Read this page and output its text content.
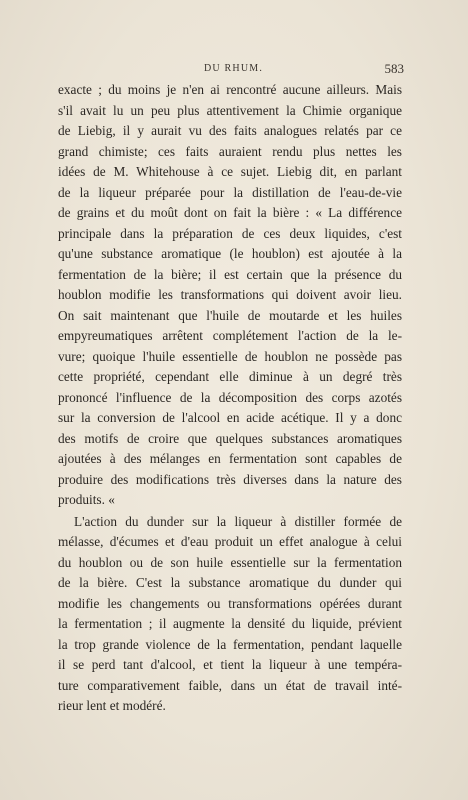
DU RHUM.	583
exacte ; du moins je n'en ai rencontré aucune ailleurs. Mais
s'il avait lu un peu plus attentivement la Chimie organique
de Liebig, il y aurait vu des faits analogues relatés par ce
grand chimiste; ces faits auraient rendu plus nettes les
idées de M. Whitehouse à ce sujet. Liebig dit, en parlant
de la liqueur préparée pour la distillation de l'eau-de-vie
de grains et du moût dont on fait la bière : « La différence
principale dans la préparation de ces deux liquides, c'est
qu'une substance aromatique (le houblon) est ajoutée à la
fermentation de la bière; il est certain que la présence du
houblon modifie les transformations qui doivent avoir lieu.
On sait maintenant que l'huile de moutarde et les huiles
empyreumatiques arrêtent complétement l'action de la le-
vure; quoique l'huile essentielle de houblon ne possède pas
cette propriété, cependant elle diminue à un degré très
prononcé l'influence de la décomposition des corps azotés
sur la conversion de l'alcool en acide acétique. Il y a donc
des motifs de croire que quelques substances aromatiques
ajoutées à des mélanges en fermentation sont capables de
produire des modifications très diverses dans la nature des
produits. «
L'action du dunder sur la liqueur à distiller formée de
mélasse, d'écumes et d'eau produit un effet analogue à celui
du houblon ou de son huile essentielle sur la fermentation
de la bière. C'est la substance aromatique du dunder qui
modifie les changements ou transformations opérées durant
la fermentation ; il augmente la densité du liquide, prévient
la trop grande violence de la fermentation, pendant laquelle
il se perd tant d'alcool, et tient la liqueur à une tempéra-
ture comparativement faible, dans un état de travail inté-
rieur lent et modéré.
